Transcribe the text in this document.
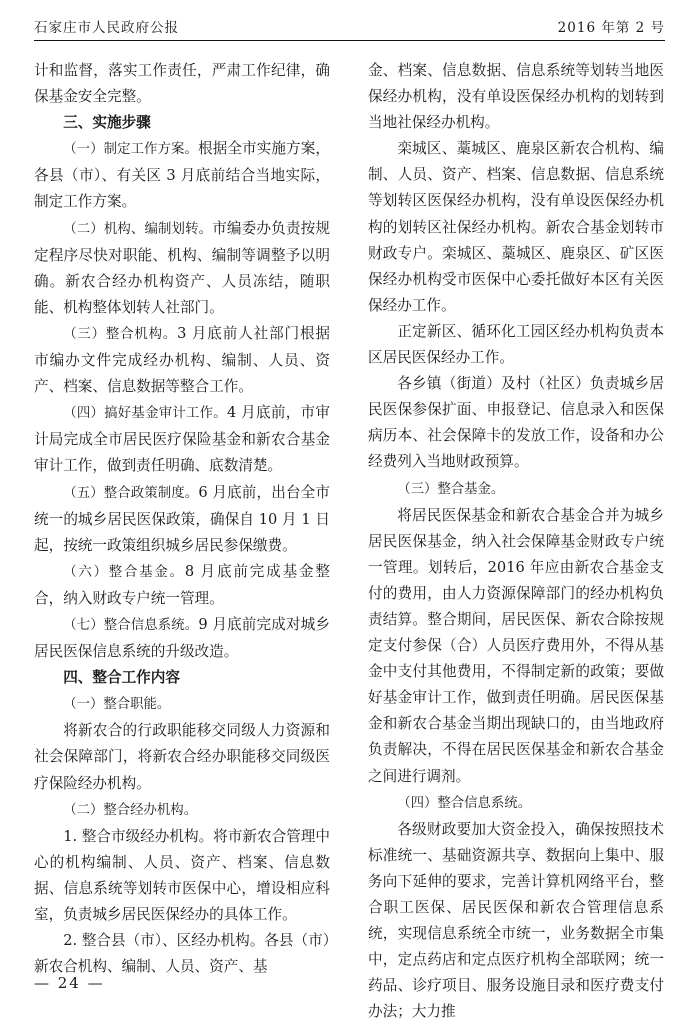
石家庄市人民政府公报	2016 年第 2 号

计和监督，落实工作责任，严肃工作纪律，确保基金安全完整。

三、实施步骤

（一）制定工作方案。根据全市实施方案，各县（市）、有关区 3 月底前结合当地实际，制定工作方案。

（二）机构、编制划转。市编委办负责按规定程序尽快对职能、机构、编制等调整予以明确。新农合经办机构资产、人员冻结，随职能、机构整体划转人社部门。

（三）整合机构。3 月底前人社部门根据市编办文件完成经办机构、编制、人员、资产、档案、信息数据等整合工作。

（四）搞好基金审计工作。4 月底前，市审计局完成全市居民医疗保险基金和新农合基金审计工作，做到责任明确、底数清楚。

（五）整合政策制度。6 月底前，出台全市统一的城乡居民医保政策，确保自 10 月 1 日起，按统一政策组织城乡居民参保缴费。

（六）整合基金。8 月底前完成基金整合，纳入财政专户统一管理。

（七）整合信息系统。9 月底前完成对城乡居民医保信息系统的升级改造。

四、整合工作内容

（一）整合职能。

将新农合的行政职能移交同级人力资源和社会保障部门，将新农合经办职能移交同级医疗保险经办机构。

（二）整合经办机构。

1. 整合市级经办机构。将市新农合管理中心的机构编制、人员、资产、档案、信息数据、信息系统等划转市医保中心，增设相应科室，负责城乡居民医保经办的具体工作。

2. 整合县（市）、区经办机构。各县（市）新农合机构、编制、人员、资产、基

金、档案、信息数据、信息系统等划转当地医保经办机构，没有单设医保经办机构的划转到当地社保经办机构。

栾城区、藁城区、鹿泉区新农合机构、编制、人员、资产、档案、信息数据、信息系统等划转区医保经办机构，没有单设医保经办机构的划转区社保经办机构。新农合基金划转市财政专户。栾城区、藁城区、鹿泉区、矿区医保经办机构受市医保中心委托做好本区有关医保经办工作。

正定新区、循环化工园区经办机构负责本区居民医保经办工作。

各乡镇（街道）及村（社区）负责城乡居民医保参保扩面、申报登记、信息录入和医保病历本、社会保障卡的发放工作，设备和办公经费列入当地财政预算。

（三）整合基金。

将居民医保基金和新农合基金合并为城乡居民医保基金，纳入社会保障基金财政专户统一管理。划转后，2016 年应由新农合基金支付的费用，由人力资源保障部门的经办机构负责结算。整合期间，居民医保、新农合除按规定支付参保（合）人员医疗费用外，不得从基金中支付其他费用，不得制定新的政策；要做好基金审计工作，做到责任明确。居民医保基金和新农合基金当期出现缺口的，由当地政府负责解决，不得在居民医保基金和新农合基金之间进行调剂。

（四）整合信息系统。

各级财政要加大资金投入，确保按照技术标准统一、基础资源共享、数据向上集中、服务向下延伸的要求，完善计算机网络平台，整合职工医保、居民医保和新农合管理信息系统，实现信息系统全市统一，业务数据全市集中，定点药店和定点医疗机构全部联网；统一药品、诊疗项目、服务设施目录和医疗费支付办法；大力推

— 24 —
